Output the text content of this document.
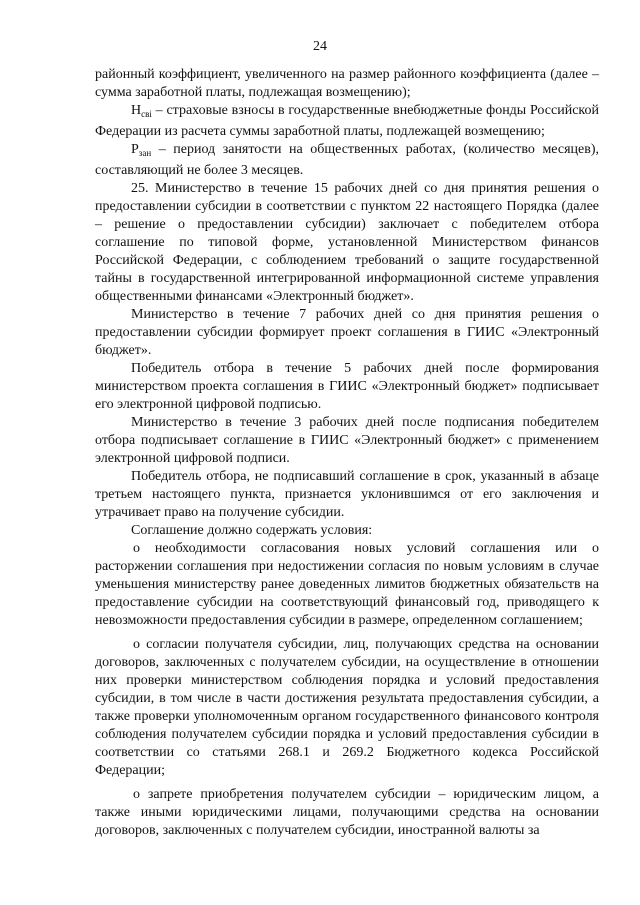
24

районный коэффициент, увеличенного на размер районного коэффициента (далее – сумма заработной платы, подлежащая возмещению);

$Н_{сві}$ – страховые взносы в государственные внебюджетные фонды Российской Федерации из расчета суммы заработной платы, подлежащей возмещению;

$Р_{зан}$ – период занятости на общественных работах, (количество месяцев), составляющий не более 3 месяцев.

25. Министерство в течение 15 рабочих дней со дня принятия решения о предоставлении субсидии в соответствии с пунктом 22 настоящего Порядка (далее – решение о предоставлении субсидии) заключает с победителем отбора соглашение по типовой форме, установленной Министерством финансов Российской Федерации, с соблюдением требований о защите государственной тайны в государственной интегрированной информационной системе управления общественными финансами «Электронный бюджет».

Министерство в течение 7 рабочих дней со дня принятия решения о предоставлении субсидии формирует проект соглашения в ГИИС «Электронный бюджет».

Победитель отбора в течение 5 рабочих дней после формирования министерством проекта соглашения в ГИИС «Электронный бюджет» подписывает его электронной цифровой подписью.

Министерство в течение 3 рабочих дней после подписания победителем отбора подписывает соглашение в ГИИС «Электронный бюджет» с применением электронной цифровой подписи.

Победитель отбора, не подписавший соглашение в срок, указанный в абзаце третьем настоящего пункта, признается уклонившимся от его заключения и утрачивает право на получение субсидии.

Соглашение должно содержать условия:

о необходимости согласования новых условий соглашения или о расторжении соглашения при недостижении согласия по новым условиям в случае уменьшения министерству ранее доведенных лимитов бюджетных обязательств на предоставление субсидии на соответствующий финансовый год, приводящего к невозможности предоставления субсидии в размере, определенном соглашением;

о согласии получателя субсидии, лиц, получающих средства на основании договоров, заключенных с получателем субсидии, на осуществление в отношении них проверки министерством соблюдения порядка и условий предоставления субсидии, в том числе в части достижения результата предоставления субсидии, а также проверки уполномоченным органом государственного финансового контроля соблюдения получателем субсидии порядка и условий предоставления субсидии в соответствии со статьями 268.1 и 269.2 Бюджетного кодекса Российской Федерации;

о запрете приобретения получателем субсидии – юридическим лицом, а также иными юридическими лицами, получающими средства на основании договоров, заключенных с получателем субсидии, иностранной валюты за
